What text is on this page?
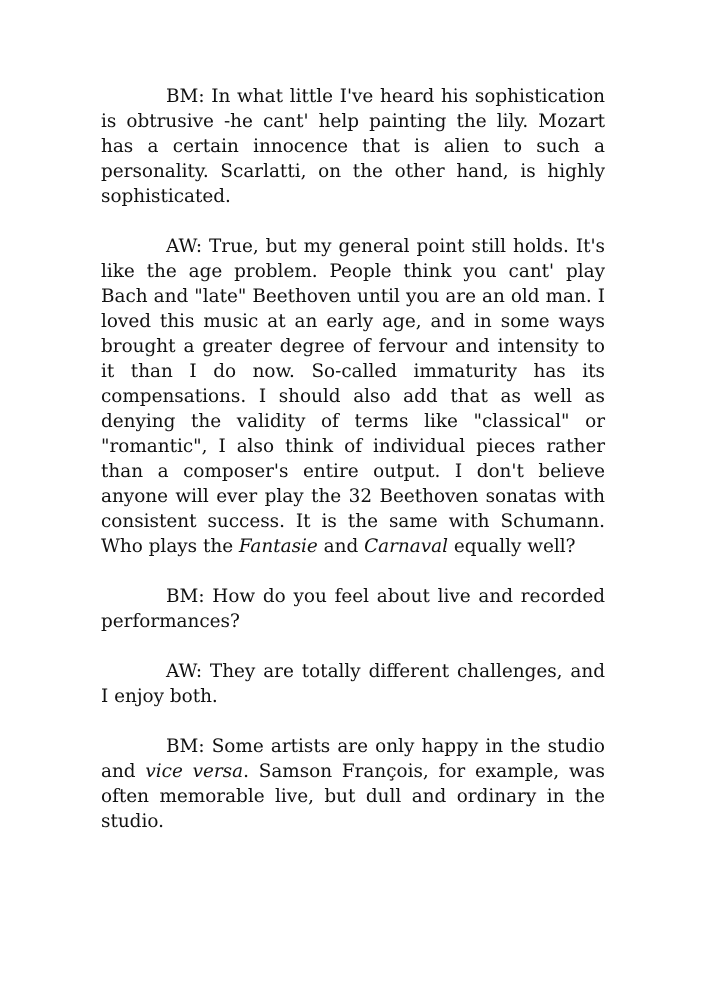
BM: In what little I've heard his sophistication is obtrusive -he cant' help painting the lily. Mozart has a certain innocence that is alien to such a personality. Scarlatti, on the other hand, is highly sophisticated.

AW: True, but my general point still holds. It's like the age problem. People think you cant' play Bach and "late" Beethoven until you are an old man. I loved this music at an early age, and in some ways brought a greater degree of fervour and intensity to it than I do now. So-called immaturity has its compensations. I should also add that as well as denying the validity of terms like "classical" or "romantic", I also think of individual pieces rather than a composer's entire output. I don't believe anyone will ever play the 32 Beethoven sonatas with consistent success. It is the same with Schumann. Who plays the Fantasie and Carnaval equally well?

BM: How do you feel about live and recorded performances?

AW: They are totally different challenges, and I enjoy both.

BM: Some artists are only happy in the studio and vice versa. Samson François, for example, was often memorable live, but dull and ordinary in the studio.
